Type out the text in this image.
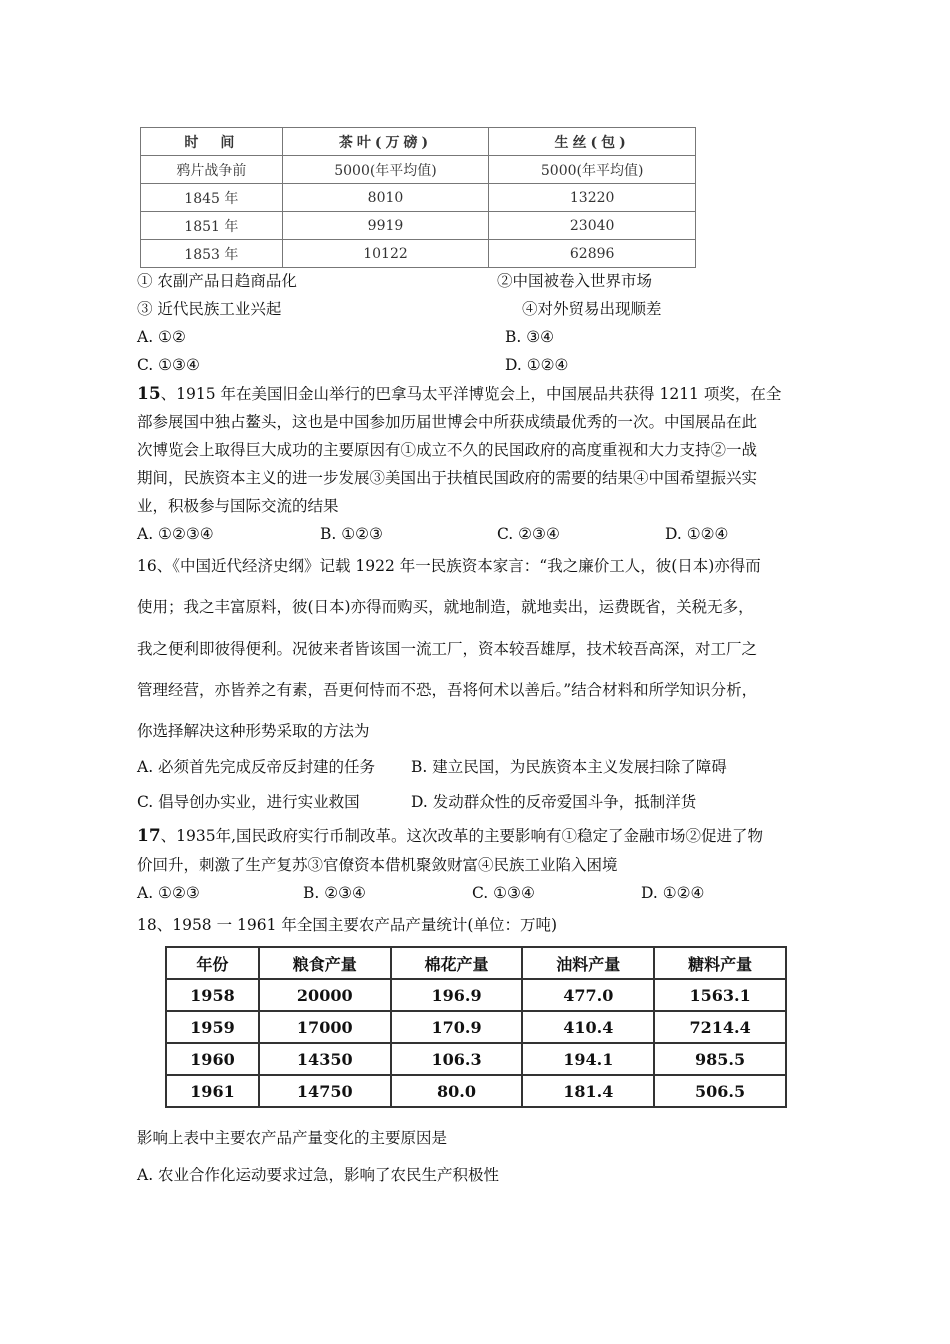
时　间	茶叶(万磅)	生丝(包)
鸦片战争前	5000(年平均值)	5000(年平均值)
1845 年	8010	13220
1851 年	9919	23040
1853 年	10122	62896
① 农副产品日趋商品化	②中国被卷入世界市场
③ 近代民族工业兴起	④对外贸易出现顺差
A. ①②	B. ③④
C. ①③④	D. ①②④
15、1915 年在美国旧金山举行的巴拿马太平洋博览会上，中国展品共获得 1211 项奖，在全
部参展国中独占鳌头，这也是中国参加历届世博会中所获成绩最优秀的一次。中国展品在此
次博览会上取得巨大成功的主要原因有①成立不久的民国政府的高度重视和大力支持②一战
期间，民族资本主义的进一步发展③美国出于扶植民国政府的需要的结果④中国希望振兴实
业，积极参与国际交流的结果
A. ①②③④	B. ①②③	C. ②③④	D. ①②④
16、《中国近代经济史纲》记载 1922 年一民族资本家言：“我之廉价工人，彼(日本)亦得而
使用；我之丰富原料，彼(日本)亦得而购买，就地制造，就地卖出，运费既省，关税无多，
我之便利即彼得便利。况彼来者皆该国一流工厂，资本较吾雄厚，技术较吾高深，对工厂之
管理经营，亦皆养之有素，吾更何恃而不恐，吾将何术以善后。”结合材料和所学知识分析，
你选择解决这种形势采取的方法为
A. 必须首先完成反帝反封建的任务 B. 建立民国，为民族资本主义发展扫除了障碍
C. 倡导创办实业，进行实业救国	D. 发动群众性的反帝爱国斗争，抵制洋货
17、1935年,国民政府实行币制改革。这次改革的主要影响有①稳定了金融市场②促进了物
价回升，刺激了生产复苏③官僚资本借机聚敛财富④民族工业陷入困境
A. ①②③	B. ②③④	C. ①③④	D. ①②④
18、1958 一 1961 年全国主要农产品产量统计(单位：万吨)
年份	粮食产量	棉花产量	油料产量	糖料产量
1958	20000	196.9	477.0	1563.1
1959	17000	170.9	410.4	7214.4
1960	14350	106.3	194.1	985.5
1961	14750	80.0	181.4	506.5
影响上表中主要农产品产量变化的主要原因是
A. 农业合作化运动要求过急，影响了农民生产积极性
